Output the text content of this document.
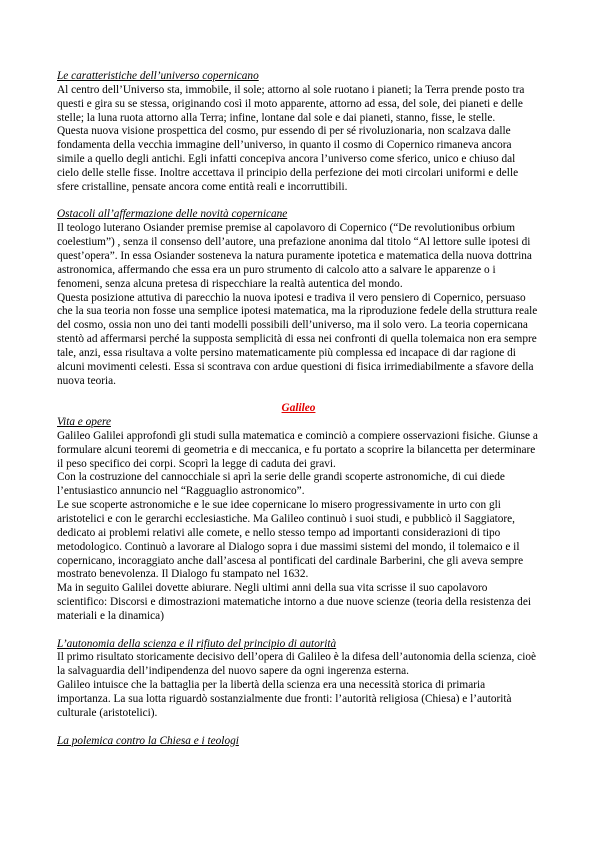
Le caratteristiche dell’universo copernicano

Al centro dell’Universo sta, immobile, il sole; attorno al sole ruotano i pianeti; la Terra prende posto tra questi e gira su se stessa, originando così il moto apparente, attorno ad essa, del sole, dei pianeti e delle stelle; la luna ruota attorno alla Terra; infine, lontane dal sole e dai pianeti, stanno, fisse, le stelle.

Questa nuova visione prospettica del cosmo, pur essendo di per sé rivoluzionaria, non scalzava dalle fondamenta della vecchia immagine dell’universo, in quanto il cosmo di Copernico rimaneva ancora simile a quello degli antichi. Egli infatti concepiva ancora l’universo come sferico, unico e chiuso dal cielo delle stelle fisse. Inoltre accettava il principio della perfezione dei moti circolari uniformi e delle sfere cristalline, pensate ancora come entità reali e incorruttibili.

Ostacoli all’affermazione delle novità copernicane

Il teologo luterano Osiander premise premise al capolavoro di Copernico (“De revolutionibus orbium coelestium”) , senza il consenso dell’autore, una prefazione anonima dal titolo “Al lettore sulle ipotesi di quest’opera”. In essa Osiander sosteneva la natura puramente ipotetica e matematica della nuova dottrina astronomica, affermando che essa era un puro strumento di calcolo atto a salvare le apparenze o i fenomeni, senza alcuna pretesa di rispecchiare la realtà autentica del mondo.

Questa posizione attutiva di parecchio la nuova ipotesi e tradiva il vero pensiero di Copernico, persuaso che la sua teoria non fosse una semplice ipotesi matematica, ma la riproduzione fedele della struttura reale del cosmo, ossia non uno dei tanti modelli possibili dell’universo, ma il solo vero. La teoria copernicana stentò ad affermarsi perché la supposta semplicità di essa nei confronti di quella tolemaica non era sempre tale, anzi, essa risultava a volte persino matematicamente più complessa ed incapace di dar ragione di alcuni movimenti celesti. Essa si scontrava con ardue questioni di fisica irrimediabilmente a sfavore della nuova teoria.

Galileo

Vita e opere

Galileo Galilei approfondì gli studi sulla matematica e cominciò a compiere osservazioni fisiche. Giunse a formulare alcuni teoremi di geometria e di meccanica, e fu portato a scoprire la bilancetta per determinare il peso specifico dei corpi. Scoprì la legge di caduta dei gravi.

Con la costruzione del cannocchiale si aprì la serie delle grandi scoperte astronomiche, di cui diede l’entusiastico annuncio nel “Ragguaglio astronomico”.

Le sue scoperte astronomiche e le sue idee copernicane lo misero progressivamente in urto con gli aristotelici e con le gerarchi ecclesiastiche. Ma Galileo continuò i suoi studi, e pubblicò il Saggiatore, dedicato ai problemi relativi alle comete, e nello stesso tempo ad importanti considerazioni di tipo metodologico. Continuò a lavorare al Dialogo sopra i due massimi sistemi del mondo, il tolemaico e il copernicano, incoraggiato anche dall’ascesa al pontificati del cardinale Barberini, che gli aveva sempre mostrato benevolenza. Il Dialogo fu stampato nel 1632.

Ma in seguito Galilei dovette abiurare. Negli ultimi anni della sua vita scrisse il suo capolavoro scientifico: Discorsi e dimostrazioni matematiche intorno a due nuove scienze (teoria della resistenza dei materiali e la dinamica)

L’autonomia della scienza e il rifiuto del principio di autorità

Il primo risultato storicamente decisivo dell’opera di Galileo è la difesa dell’autonomia della scienza, cioè la salvaguardia dell’indipendenza del nuovo sapere da ogni ingerenza esterna.

Galileo intuisce che la battaglia per la libertà della scienza era una necessità storica di primaria importanza. La sua lotta riguardò sostanzialmente due fronti: l’autorità religiosa (Chiesa) e l’autorità culturale (aristotelici).

La polemica contro la Chiesa e i teologi
